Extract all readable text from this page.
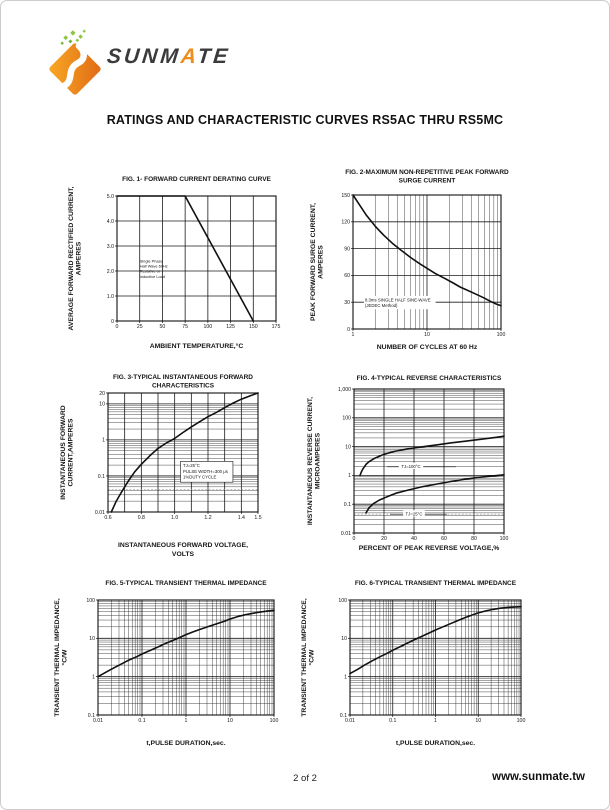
SUNMATE
RATINGS AND CHARACTERISTIC CURVES RS5AC THRU RS5MC
0	25	50	75	100	125	150	175
0
1.0
2.0
3.0
4.0
5.0
FIG. 1- FORWARD CURRENT DERATING CURVE
AMBIENT TEMPERATURE,°C
AVERAGE FORWARD RECTIFIED CURRENT, AMPERES	Single Phase
Half Wave 60Hz
Resistive or
Inductive Load
1	10	100
0
30
60
90
120
150
FIG. 2-MAXIMUM NON-REPETITIVE PEAK FORWARD
SURGE CURRENT
NUMBER OF CYCLES AT 60 Hz
PEAK FORWARD SURGE CURRENT, AMPERES
8.3ms SINGLE HALF SINE-WAVE
(JEDEC Method)
0.6	0.8	1.0	1.2	1.4 1.5
0.01
0.1
1
10
20
FIG. 3-TYPICAL INSTANTANEOUS FORWARD
CHARACTERISTICS
INSTANTANEOUS FORWARD VOLTAGE,
VOLTS
INSTANTANEOUS FORWARD CURRENT,AMPERES	TJ=25°C
PULSE WIDTH=300 μs
1%DUTY CYCLE
0	20	40	60	80	100
0.01
0.1
1
10
100
1,000
FIG. 4-TYPICAL REVERSE CHARACTERISTICS
PERCENT OF PEAK REVERSE VOLTAGE,%
INSTANTANEOUS REVERSE CURRENT, MICROAMPERES	TJ=100°C
TJ=25°C
0.01	0.1	1	10	100
0.1
1
10
100
FIG. 5-TYPICAL TRANSIENT THERMAL IMPEDANCE
t,PULSE DURATION,sec.
TRANSIENT THERMAL IMPEDANCE, °C/W
0.01	0.1	1	10	100
0.1
1
10
100
FIG. 6-TYPICAL TRANSIENT THERMAL IMPEDANCE
t,PULSE DURATION,sec.
TRANSIENT THERMAL IMPEDANCE, °C/W
2 of 2	www.sunmate.tw
